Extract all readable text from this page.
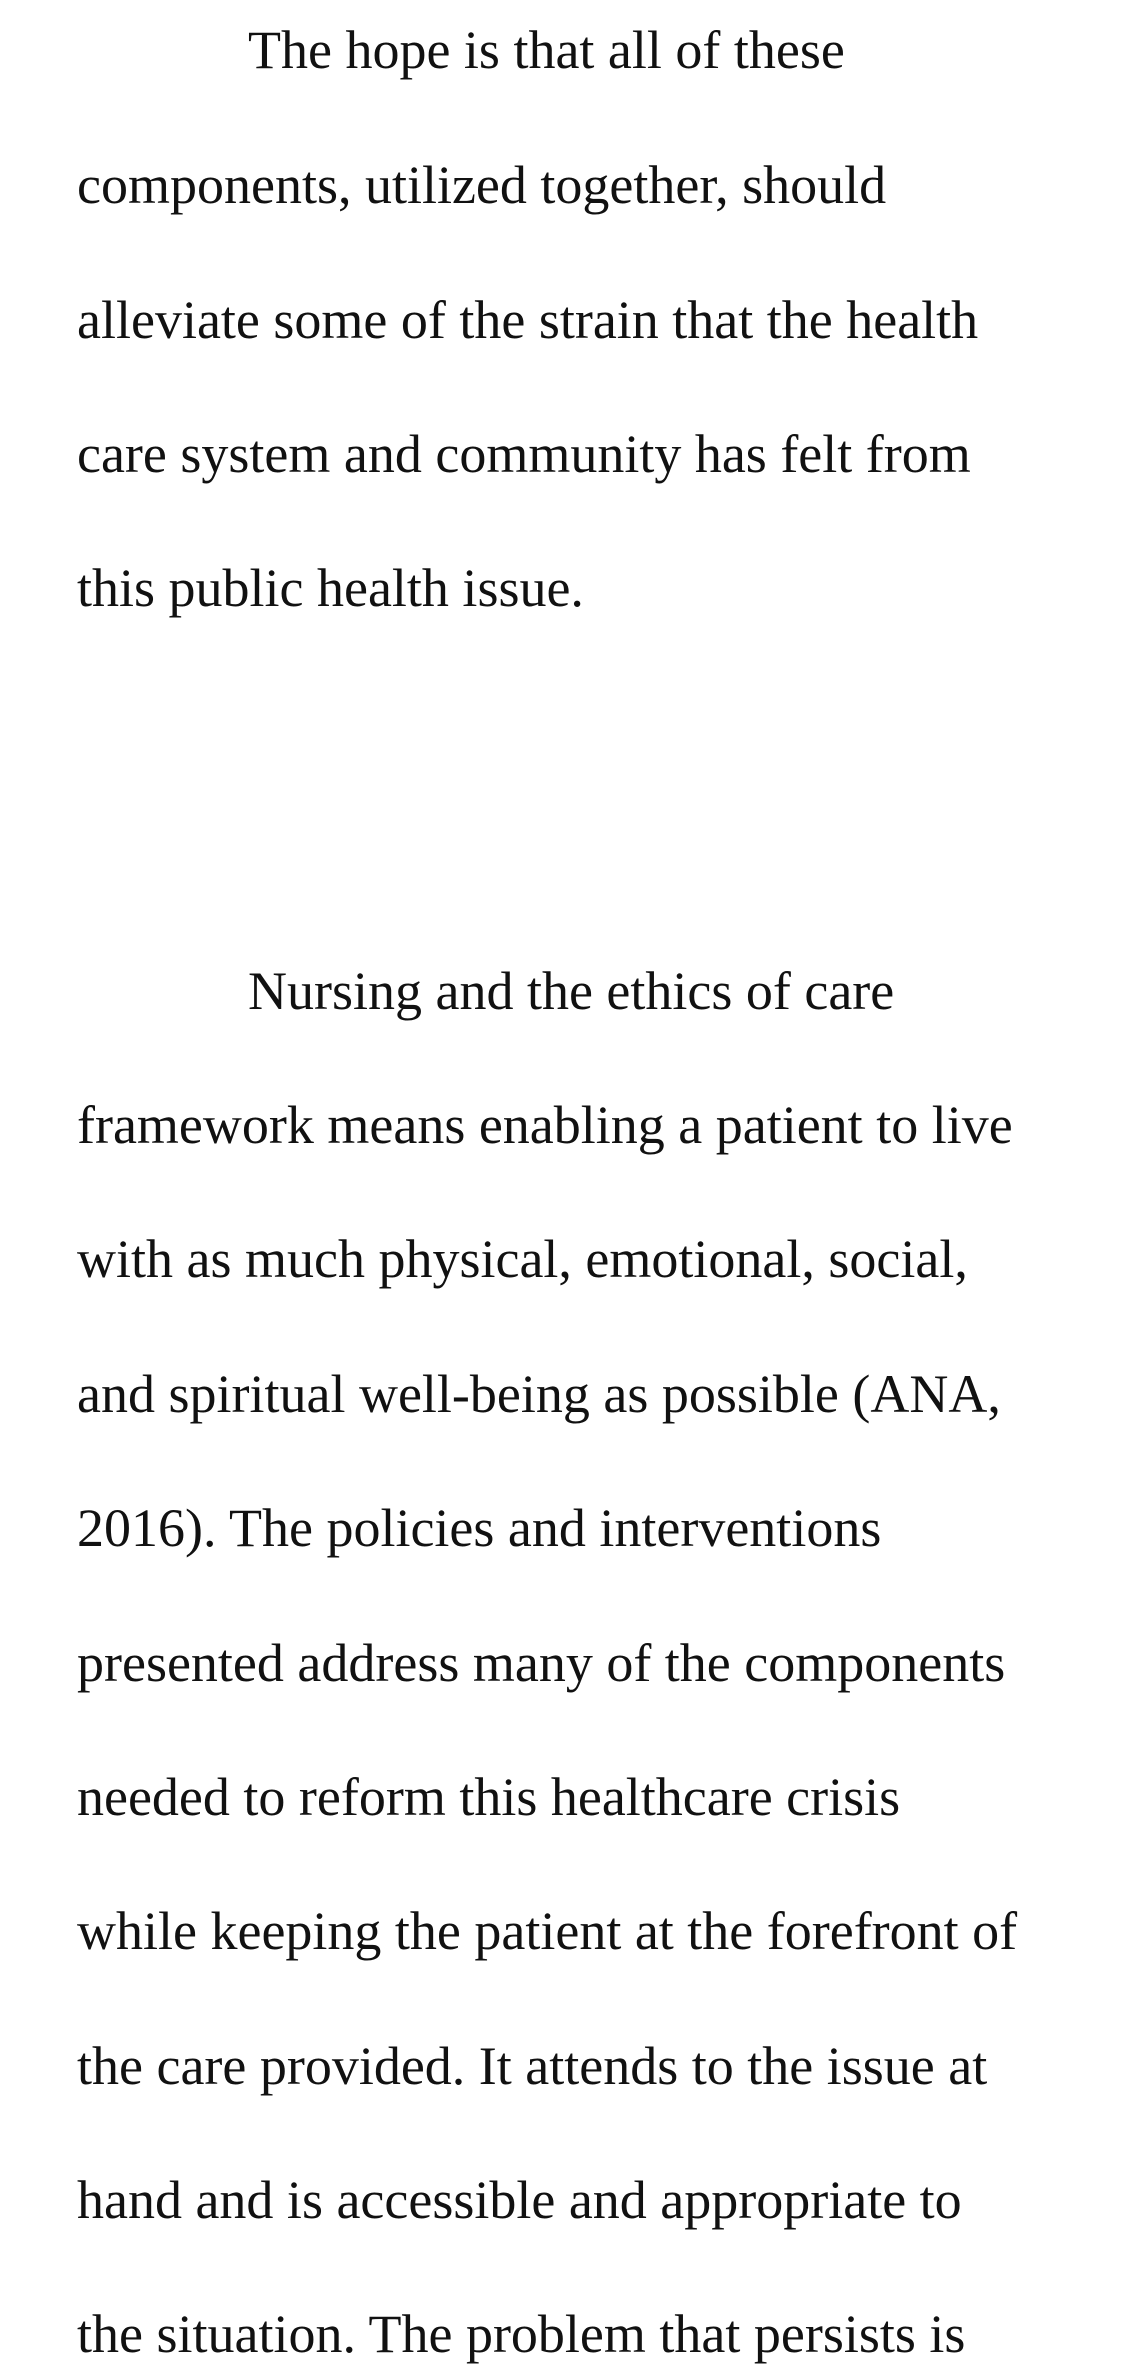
The hope is that all of these

components, utilized together, should

alleviate some of the strain that the health

care system and community has felt from

this public health issue.

Nursing and the ethics of care

framework means enabling a patient to live

with as much physical, emotional, social,

and spiritual well-being as possible (ANA,

2016). The policies and interventions

presented address many of the components

needed to reform this healthcare crisis

while keeping the patient at the forefront of

the care provided. It attends to the issue at

hand and is accessible and appropriate to

the situation. The problem that persists is
